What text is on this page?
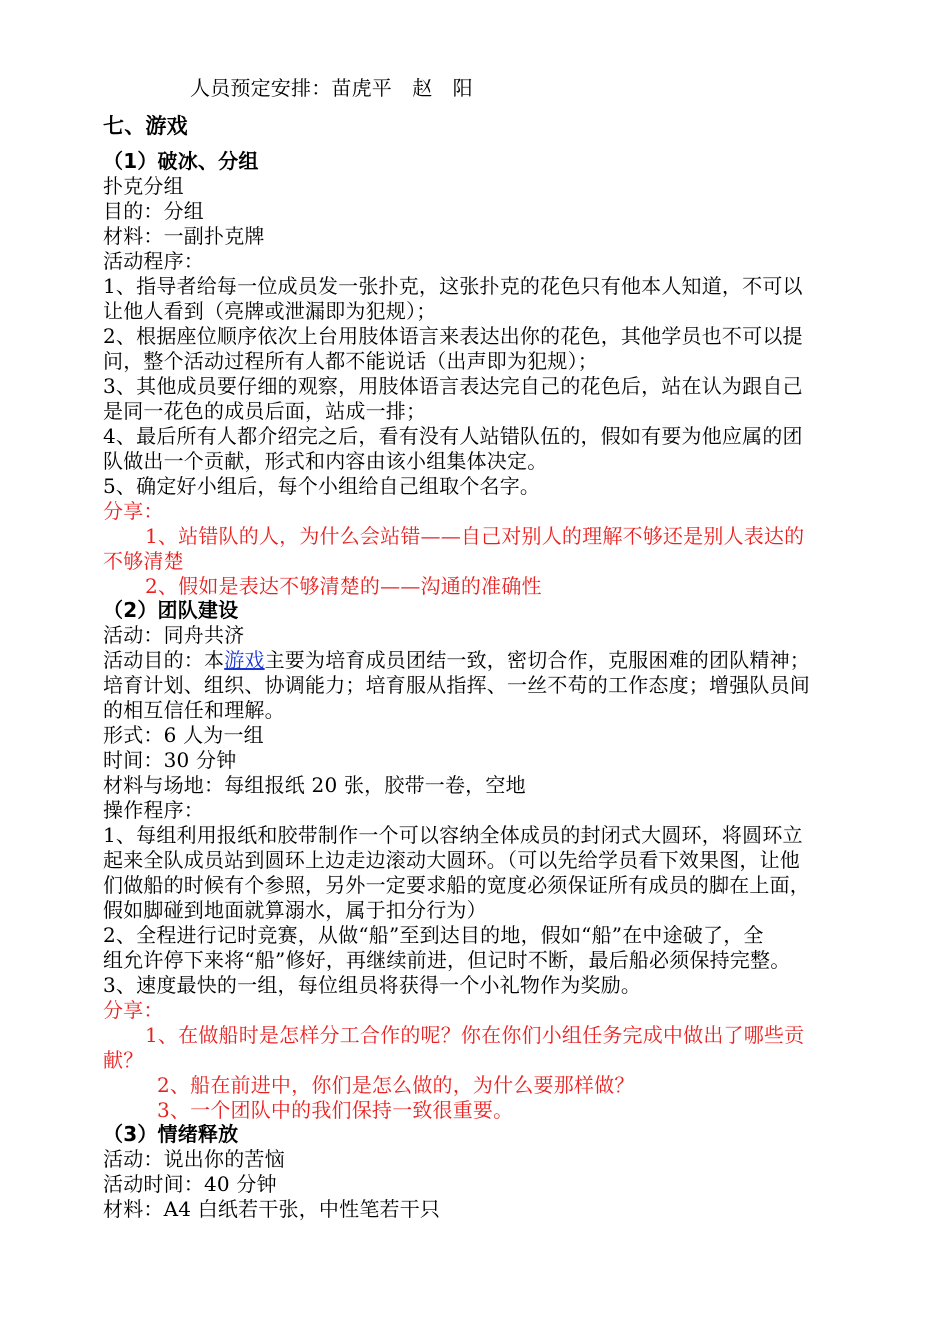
人员预定安排：苗虎平　赵　阳
七、游戏
（1）破冰、分组
扑克分组
目的：分组
材料：一副扑克牌
活动程序：
1、指导者给每一位成员发一张扑克，这张扑克的花色只有他本人知道，不可以
让他人看到（亮牌或泄漏即为犯规）；
2、根据座位顺序依次上台用肢体语言来表达出你的花色，其他学员也不可以提
问，整个活动过程所有人都不能说话（出声即为犯规）；
3、其他成员要仔细的观察，用肢体语言表达完自己的花色后，站在认为跟自己
是同一花色的成员后面，站成一排；
4、最后所有人都介绍完之后，看有没有人站错队伍的，假如有要为他应属的团
队做出一个贡献，形式和内容由该小组集体决定。
5、确定好小组后，每个小组给自己组取个名字。
分享：
1、站错队的人，为什么会站错——自己对别人的理解不够还是别人表达的
不够清楚
2、假如是表达不够清楚的——沟通的准确性
（2）团队建设
活动：同舟共济
活动目的：本游戏主要为培育成员团结一致，密切合作，克服困难的团队精神；
培育计划、组织、协调能力；培育服从指挥、一丝不苟的工作态度；增强队员间
的相互信任和理解。
形式：6 人为一组
时间：30 分钟
材料与场地：每组报纸 20 张，胶带一卷，空地
操作程序：
1、每组利用报纸和胶带制作一个可以容纳全体成员的封闭式大圆环，将圆环立
起来全队成员站到圆环上边走边滚动大圆环。（可以先给学员看下效果图，让他
们做船的时候有个参照，另外一定要求船的宽度必须保证所有成员的脚在上面，
假如脚碰到地面就算溺水，属于扣分行为）
2、全程进行记时竞赛，从做“船”至到达目的地，假如“船”在中途破了，全
组允许停下来将“船”修好，再继续前进，但记时不断，最后船必须保持完整。
3、速度最快的一组，每位组员将获得一个小礼物作为奖励。
分享：
1、在做船时是怎样分工合作的呢？你在你们小组任务完成中做出了哪些贡
献？
2、船在前进中，你们是怎么做的，为什么要那样做？
3、一个团队中的我们保持一致很重要。
（3）情绪释放
活动：说出你的苦恼
活动时间：40 分钟
材料：A4 白纸若干张，中性笔若干只
